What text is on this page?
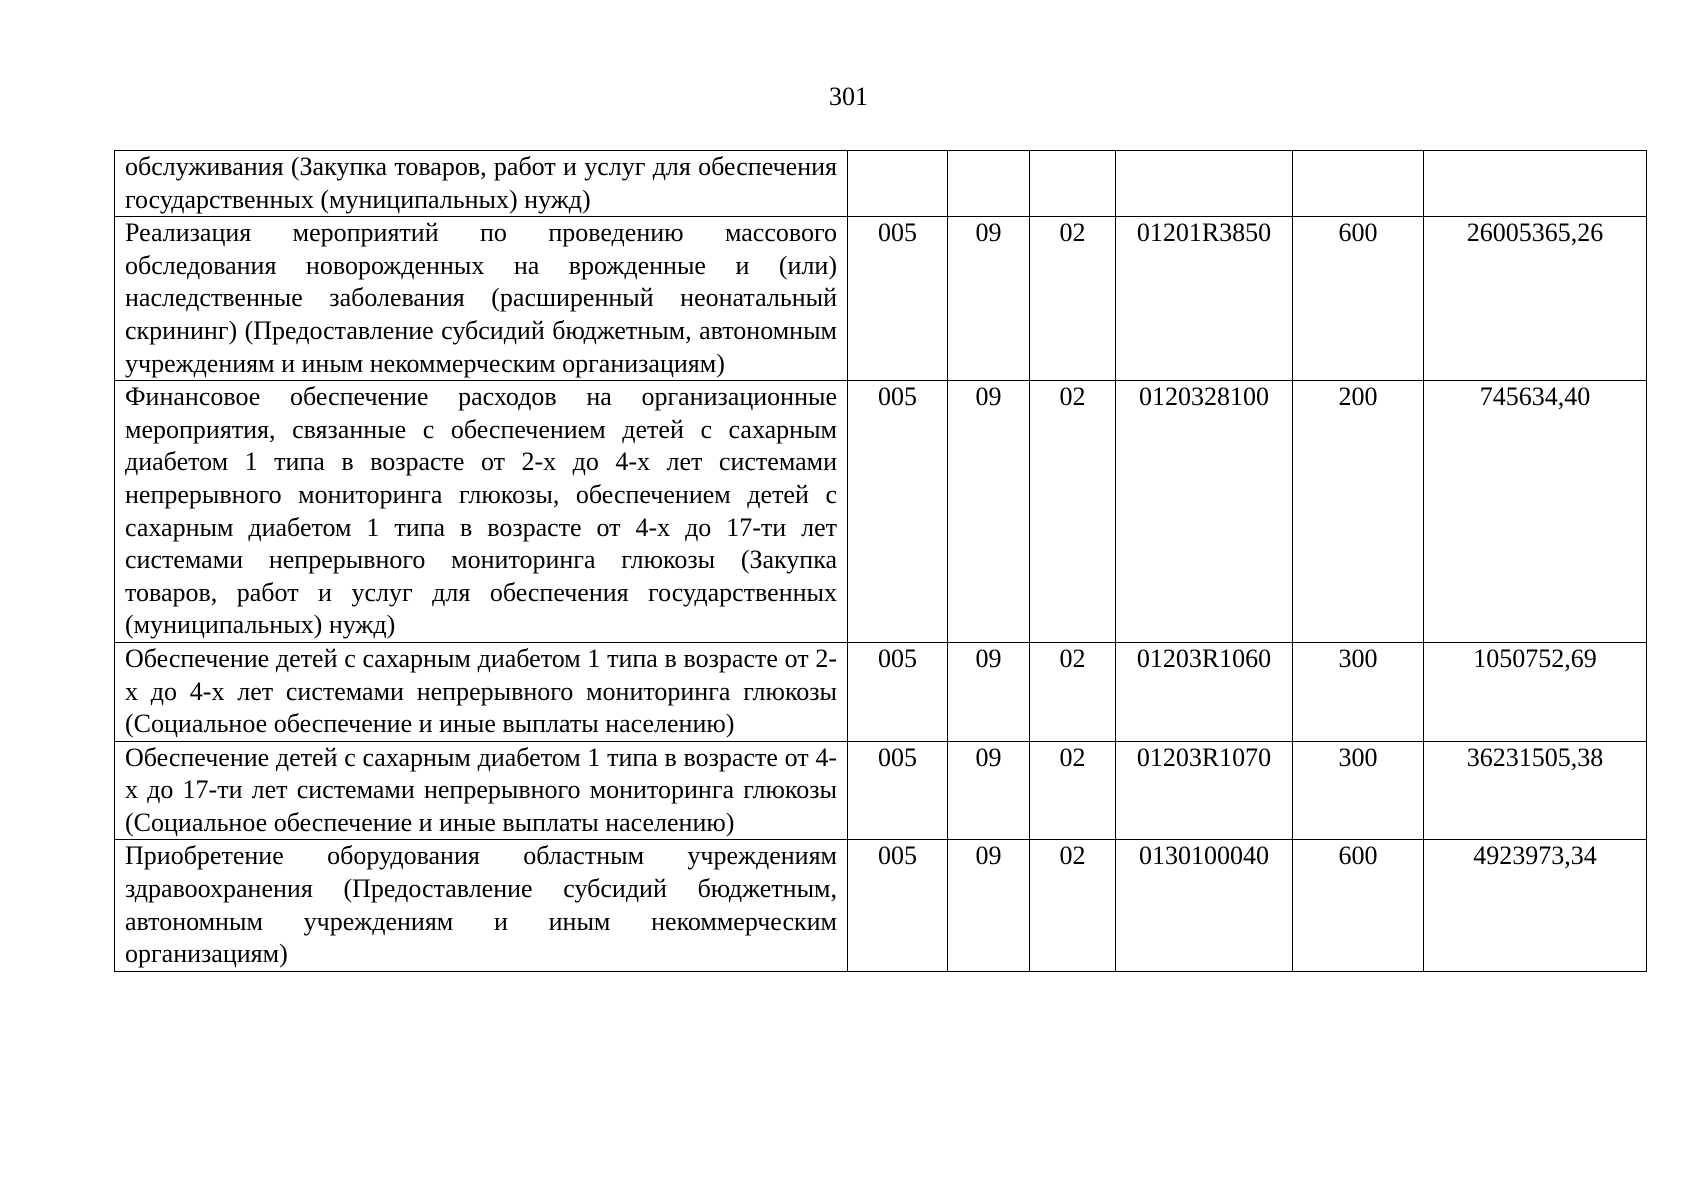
301
обслуживания (Закупка товаров, работ и услуг для обеспечения государственных (муниципальных) нужд)						
Реализация мероприятий по проведению массового обследования новорожденных на врожденные и (или) наследственные заболевания (расширенный неонатальный скрининг) (Предоставление субсидий бюджетным, автономным учреждениям и иным некоммерческим организациям)	005	09	02	01201R3850	600	26005365,26
Финансовое обеспечение расходов на организационные мероприятия, связанные с обеспечением детей с сахарным диабетом 1 типа в возрасте от 2-х до 4-х лет системами непрерывного мониторинга глюкозы, обеспечением детей с сахарным диабетом 1 типа в возрасте от 4-х до 17-ти лет системами непрерывного мониторинга глюкозы (Закупка товаров, работ и услуг для обеспечения государственных (муниципальных) нужд)	005	09	02	0120328100	200	745634,40
Обеспечение детей с сахарным диабетом 1 типа в возрасте от 2-х до 4-х лет системами непрерывного мониторинга глюкозы (Социальное обеспечение и иные выплаты населению)	005	09	02	01203R1060	300	1050752,69
Обеспечение детей с сахарным диабетом 1 типа в возрасте от 4-х до 17-ти лет системами непрерывного мониторинга глюкозы (Социальное обеспечение и иные выплаты населению)	005	09	02	01203R1070	300	36231505,38
Приобретение оборудования областным учреждениям здравоохранения (Предоставление субсидий бюджетным, автономным учреждениям и иным некоммерческим организациям)	005	09	02	0130100040	600	4923973,34
